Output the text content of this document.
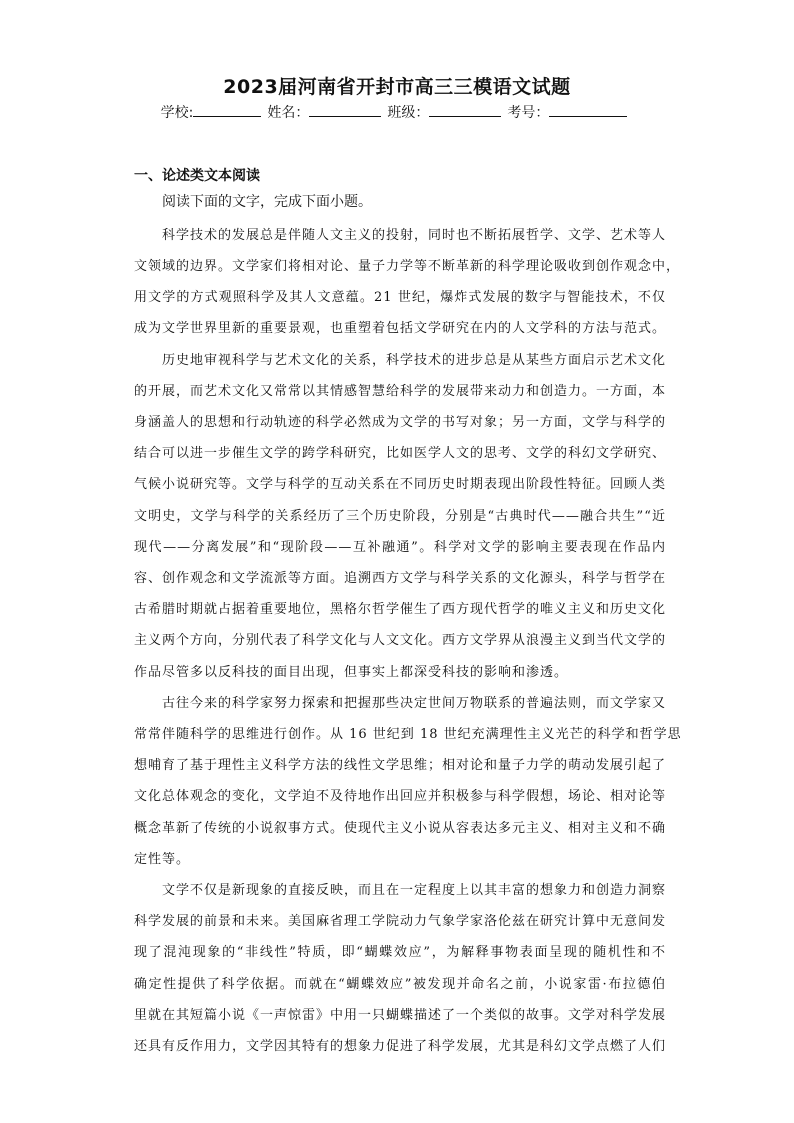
2023届河南省开封市高三三模语文试题
学校:	姓名：	班级：	考号：
一、论述类文本阅读
阅读下面的文字，完成下面小题。
科学技术的发展总是伴随人文主义的投射，同时也不断拓展哲学、文学、艺术等人
文领域的边界。文学家们将相对论、量子力学等不断革新的科学理论吸收到创作观念中，
用文学的方式观照科学及其人文意蕴。21 世纪，爆炸式发展的数字与智能技术，不仅
成为文学世界里新的重要景观，也重塑着包括文学研究在内的人文学科的方法与范式。
历史地审视科学与艺术文化的关系，科学技术的进步总是从某些方面启示艺术文化
的开展，而艺术文化又常常以其情感智慧给科学的发展带来动力和创造力。一方面，本
身涵盖人的思想和行动轨迹的科学必然成为文学的书写对象；另一方面，文学与科学的
结合可以进一步催生文学的跨学科研究，比如医学人文的思考、文学的科幻文学研究、
气候小说研究等。文学与科学的互动关系在不同历史时期表现出阶段性特征。回顾人类
文明史，文学与科学的关系经历了三个历史阶段，分别是“古典时代——融合共生”“近
现代——分离发展”和“现阶段——互补融通”。科学对文学的影响主要表现在作品内
容、创作观念和文学流派等方面。追溯西方文学与科学关系的文化源头，科学与哲学在
古希腊时期就占据着重要地位，黑格尔哲学催生了西方现代哲学的唯义主义和历史文化
主义两个方向，分别代表了科学文化与人文文化。西方文学界从浪漫主义到当代文学的
作品尽管多以反科技的面目出现，但事实上都深受科技的影响和渗透。
古往今来的科学家努力探索和把握那些决定世间万物联系的普遍法则，而文学家又
常常伴随科学的思维进行创作。从 16 世纪到 18 世纪充满理性主义光芒的科学和哲学思
想哺育了基于理性主义科学方法的线性文学思维；相对论和量子力学的萌动发展引起了
文化总体观念的变化，文学迫不及待地作出回应并积极参与科学假想，场论、相对论等
概念革新了传统的小说叙事方式。使现代主义小说从容表达多元主义、相对主义和不确
定性等。
文学不仅是新现象的直接反映，而且在一定程度上以其丰富的想象力和创造力洞察
科学发展的前景和未来。美国麻省理工学院动力气象学家洛伦兹在研究计算中无意间发
现了混沌现象的“非线性”特质，即“蝴蝶效应”，为解释事物表面呈现的随机性和不
确定性提供了科学依据。而就在“蝴蝶效应”被发现并命名之前，小说家雷·布拉德伯
里就在其短篇小说《一声惊雷》中用一只蝴蝶描述了一个类似的故事。文学对科学发展
还具有反作用力，文学因其特有的想象力促进了科学发展，尤其是科幻文学点燃了人们
